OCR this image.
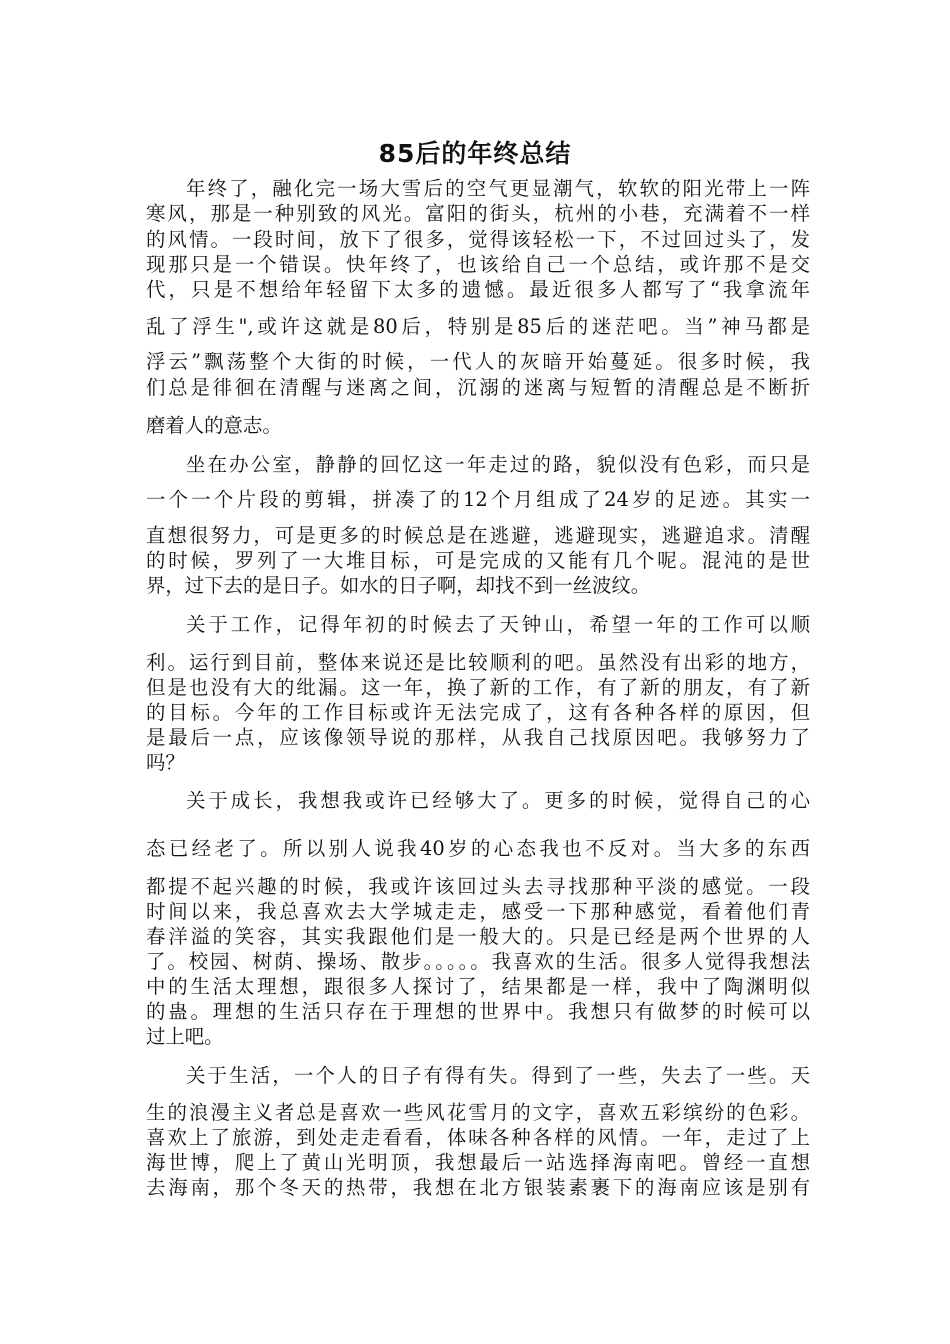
85后的年终总结

年终了，融化完一场大雪后的空气更显潮气，软软的阳光带上一阵

寒风，那是一种别致的风光。富阳的街头，杭州的小巷，充满着不一样

的风情。一段时间，放下了很多，觉得该轻松一下，不过回过头了，发

现那只是一个错误。快年终了，也该给自己一个总结，或许那不是交

代，只是不想给年轻留下太多的遗憾。最近很多人都写了“我拿流年

乱了浮生",或许这就是80后，特别是85后的迷茫吧。当”神马都是

浮云”飘荡整个大街的时候，一代人的灰暗开始蔓延。很多时候，我

们总是徘徊在清醒与迷离之间，沉溺的迷离与短暂的清醒总是不断折

磨着人的意志。

坐在办公室，静静的回忆这一年走过的路，貌似没有色彩，而只是

一个一个片段的剪辑，拼凑了的12个月组成了24岁的足迹。其实一

直想很努力，可是更多的时候总是在逃避，逃避现实，逃避追求。清醒

的时候，罗列了一大堆目标，可是完成的又能有几个呢。混沌的是世

界，过下去的是日子。如水的日子啊，却找不到一丝波纹。

关于工作，记得年初的时候去了天钟山，希望一年的工作可以顺

利。运行到目前，整体来说还是比较顺利的吧。虽然没有出彩的地方，

但是也没有大的纰漏。这一年，换了新的工作，有了新的朋友，有了新

的目标。今年的工作目标或许无法完成了，这有各种各样的原因，但

是最后一点，应该像领导说的那样，从我自己找原因吧。我够努力了

吗？

关于成长，我想我或许已经够大了。更多的时候，觉得自己的心

态已经老了。所以别人说我40岁的心态我也不反对。当大多的东西

都提不起兴趣的时候，我或许该回过头去寻找那种平淡的感觉。一段

时间以来，我总喜欢去大学城走走，感受一下那种感觉，看着他们青

春洋溢的笑容，其实我跟他们是一般大的。只是已经是两个世界的人

了。校园、树荫、操场、散步。。。。。我喜欢的生活。很多人觉得我想法

中的生活太理想，跟很多人探讨了，结果都是一样，我中了陶渊明似

的蛊。理想的生活只存在于理想的世界中。我想只有做梦的时候可以

过上吧。

关于生活，一个人的日子有得有失。得到了一些，失去了一些。天

生的浪漫主义者总是喜欢一些风花雪月的文字，喜欢五彩缤纷的色彩。

喜欢上了旅游，到处走走看看，体味各种各样的风情。一年，走过了上

海世博，爬上了黄山光明顶，我想最后一站选择海南吧。曾经一直想

去海南，那个冬天的热带，我想在北方银装素裹下的海南应该是别有
